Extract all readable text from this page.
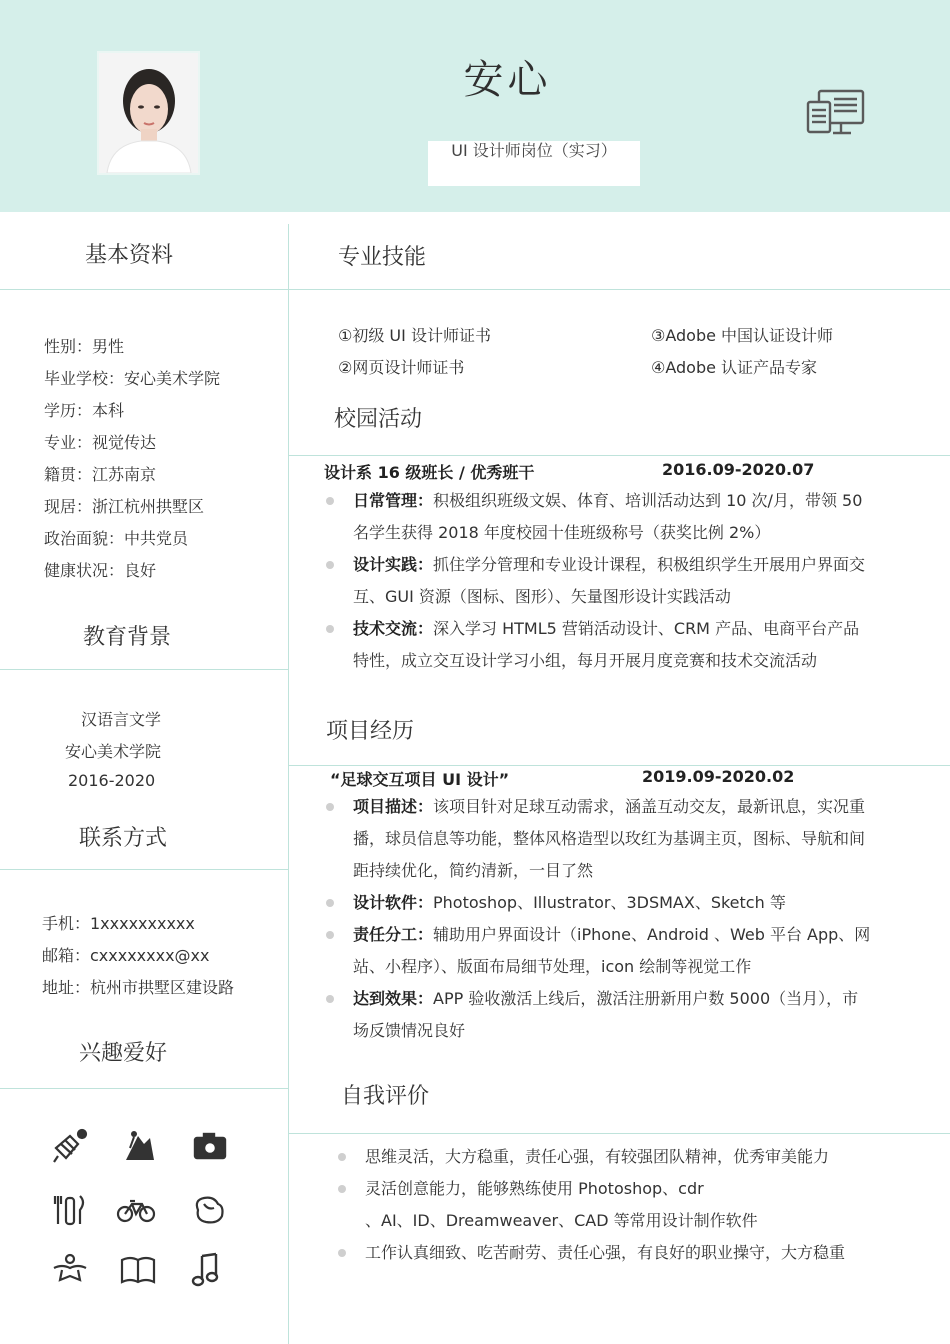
安心
UI 设计师岗位（实习）
基本资料
性别：男性
毕业学校：安心美术学院
学历：本科
专业：视觉传达
籍贯：江苏南京
现居：浙江杭州拱墅区
政治面貌：中共党员
健康状况：良好
教育背景
汉语言文学
安心美术学院
2016-2020
联系方式
手机：1xxxxxxxxxx
邮箱：cxxxxxxxx@xx
地址：杭州市拱墅区建设路
兴趣爱好
专业技能
①初级 UI 设计师证书	③Adobe 中国认证设计师
②网页设计师证书	④Adobe 认证产品专家
校园活动
设计系 16 级班长 / 优秀班干	2016.09-2020.07
日常管理：积极组织班级文娱、体育、培训活动达到 10 次/月，带领 50
名学生获得 2018 年度校园十佳班级称号（获奖比例 2%）
设计实践：抓住学分管理和专业设计课程，积极组织学生开展用户界面交
互、GUI 资源（图标、图形）、矢量图形设计实践活动
技术交流：深入学习 HTML5 营销活动设计、CRM 产品、电商平台产品
特性，成立交互设计学习小组，每月开展月度竞赛和技术交流活动
项目经历
“足球交互项目 UI 设计”	2019.09-2020.02
项目描述：该项目针对足球互动需求，涵盖互动交友，最新讯息，实况重
播，球员信息等功能，整体风格造型以玫红为基调主页，图标、导航和间
距持续优化，简约清新，一目了然
设计软件：Photoshop、Illustrator、3DSMAX、Sketch 等
责任分工：辅助用户界面设计（iPhone、Android 、Web 平台 App、网
站、小程序）、版面布局细节处理，icon 绘制等视觉工作
达到效果：APP 验收激活上线后，激活注册新用户数 5000（当月），市
场反馈情况良好
自我评价
思维灵活，大方稳重，责任心强，有较强团队精神，优秀审美能力
灵活创意能力，能够熟练使用 Photoshop、cdr
、AI、ID、Dreamweaver、CAD 等常用设计制作软件
工作认真细致、吃苦耐劳、责任心强，有良好的职业操守，大方稳重
